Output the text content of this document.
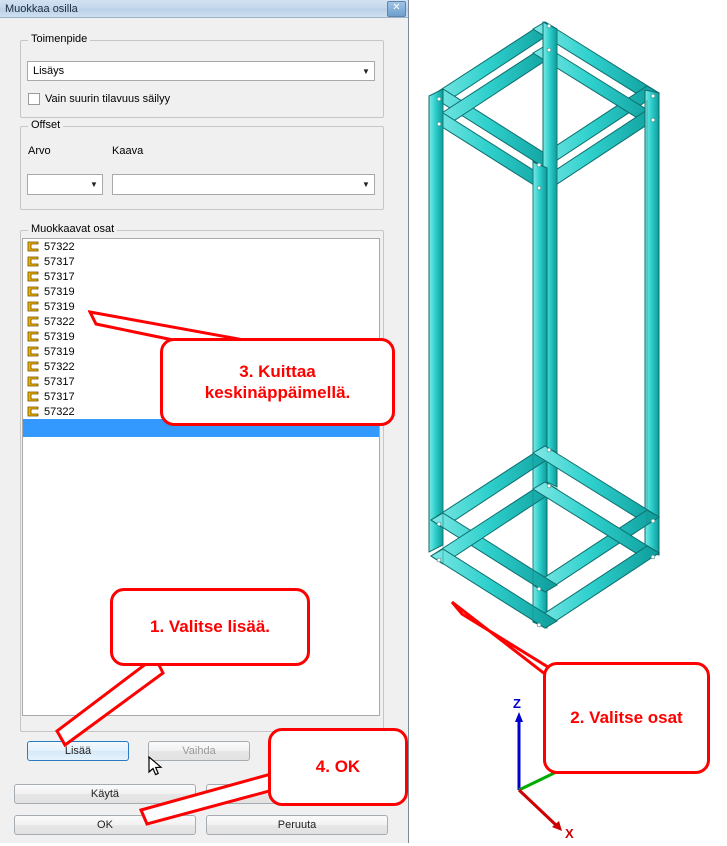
Muokkaa osilla	✕
Toimenpide
Lisäys	▼
Vain suurin tilavuus säilyy
Offset
Arvo	Kaava
▼	▼
Muokkaavat osat
57322
57317
57317
57319
57319
57322
57319
57319
57322
57317
57317
57322
Lisää	Vaihda
Käytä
OK	Peruuta
Z
X
3. Kuittaa
keskinäppäimellä.
1. Valitse lisää.
4. OK
2. Valitse osat
